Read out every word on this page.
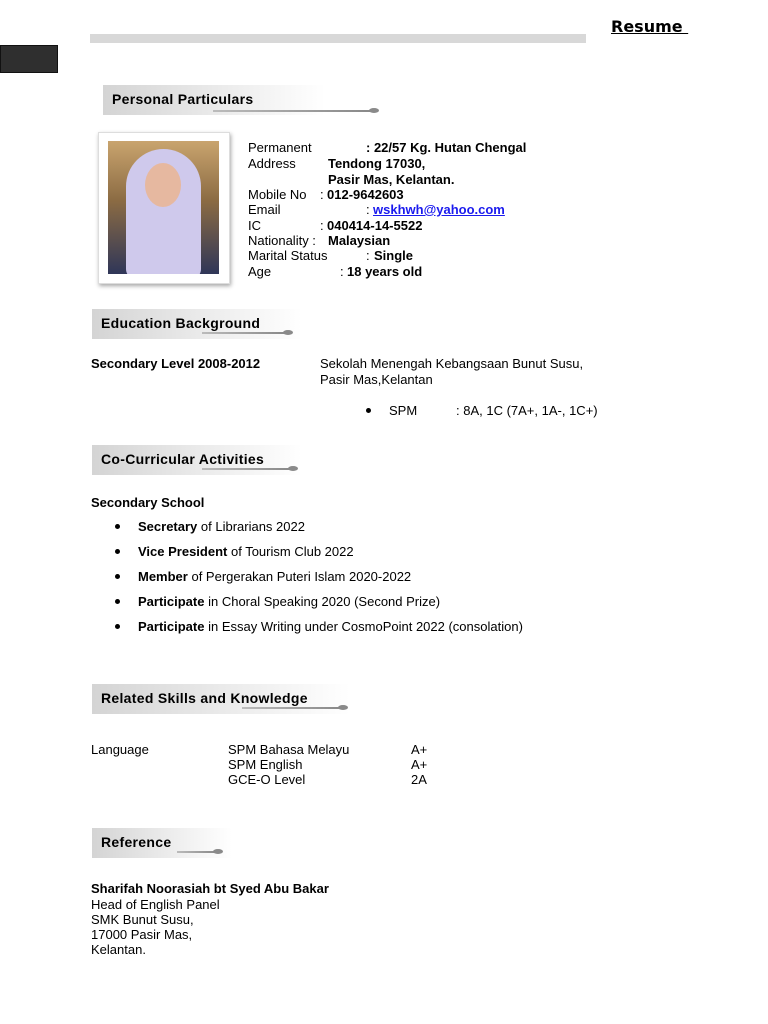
Resume
Personal Particulars
Permanent	: 22/57 Kg. Hutan Chengal
Address Tendong 17030,
Pasir Mas, Kelantan.
Mobile No : 012-9642603
Email	: wskhwh@yahoo.com
IC	: 040414-14-5522
Nationality : Malaysian
Marital Status	: Single
Age	: 18 years old
Education Background
Secondary Level 2008-2012	Sekolah Menengah Kebangsaan Bunut Susu,
Pasir Mas,Kelantan
SPM	: 8A, 1C (7A+, 1A-, 1C+)
Co-Curricular Activities
Secondary School
Secretary of Librarians 2022
Vice President of Tourism Club 2022
Member of Pergerakan Puteri Islam 2020-2022
Participate in Choral Speaking 2020 (Second Prize)
Participate in Essay Writing under CosmoPoint 2022 (consolation)
Related Skills and Knowledge
Language	SPM Bahasa Melayu	A+
SPM English	A+
GCE-O Level	2A
Reference
Sharifah Noorasiah bt Syed Abu Bakar
Head of English Panel
SMK Bunut Susu,
17000 Pasir Mas,
Kelantan.
